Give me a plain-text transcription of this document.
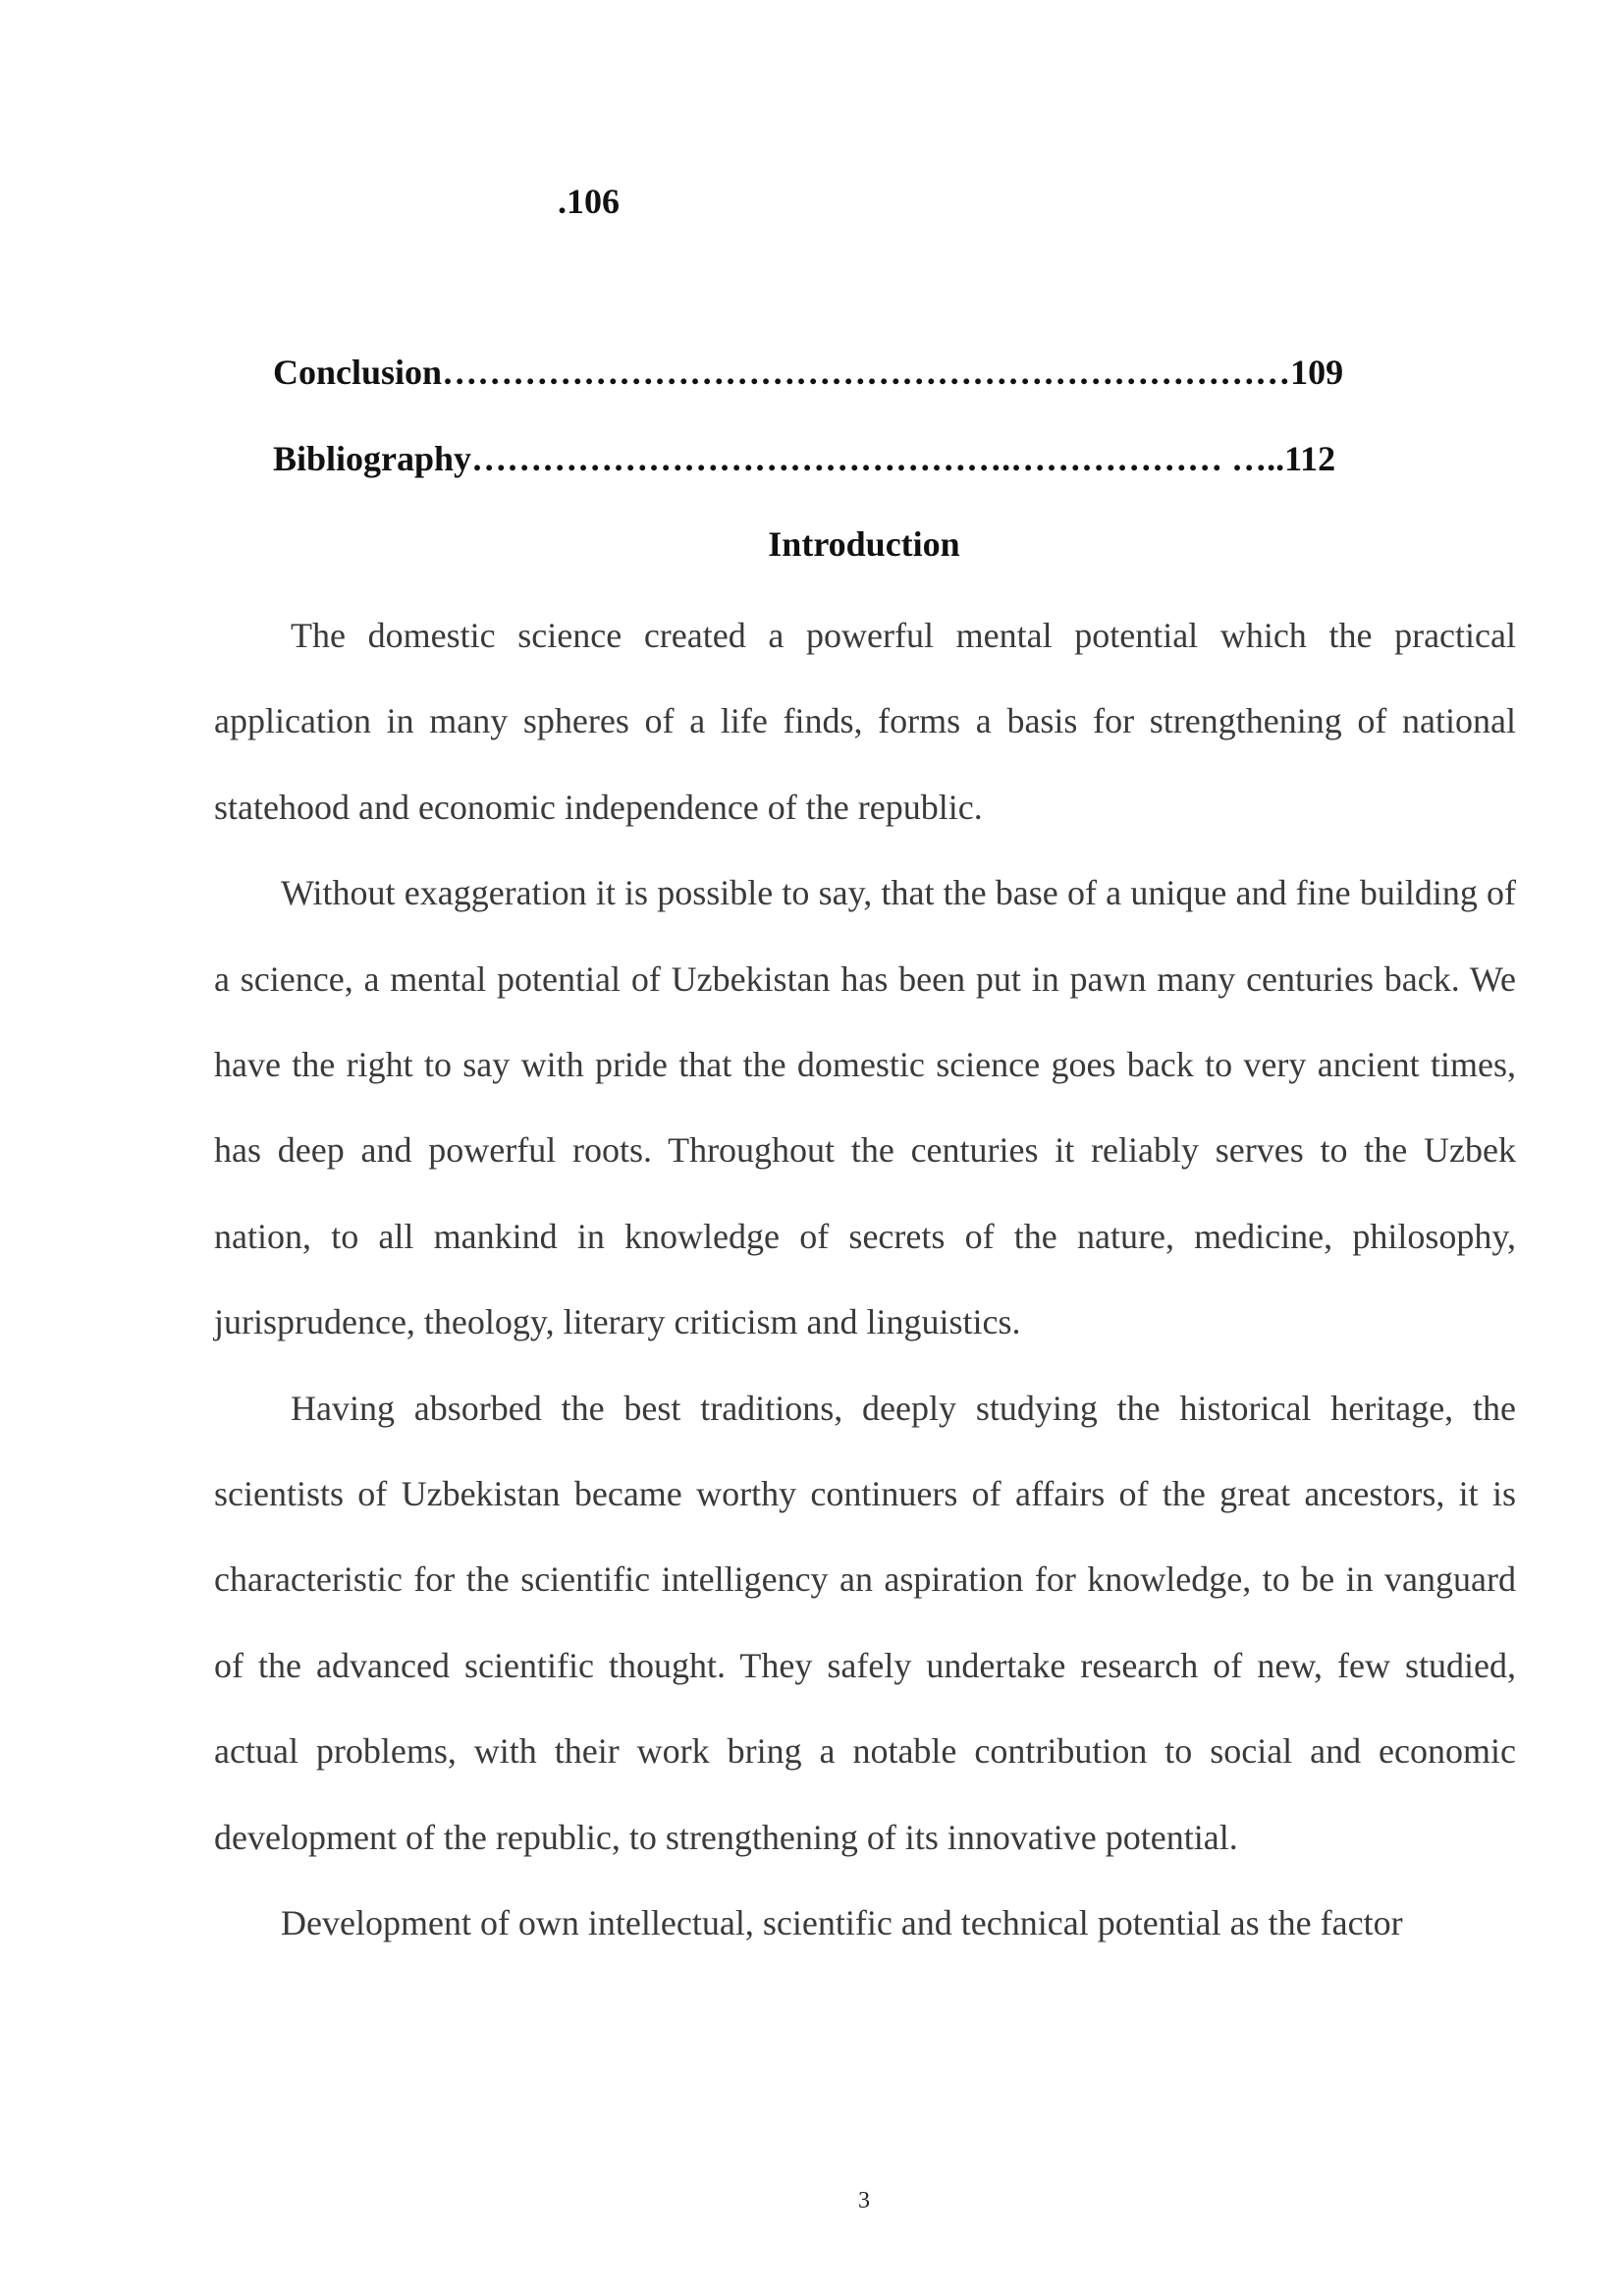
.106
Conclusion………………………………………………………………109
Bibliography……………………………………….……………… …..112
Introduction

The domestic science created a powerful mental potential which the practical application in many spheres of a life finds, forms a basis for strengthening of national statehood and economic independence of the republic.

Without exaggeration it is possible to say, that the base of a unique and fine building of a science, a mental potential of Uzbekistan has been put in pawn many centuries back. We have the right to say with pride that the domestic science goes back to very ancient times, has deep and powerful roots. Throughout the centuries it reliably serves to the Uzbek nation, to all mankind in knowledge of secrets of the nature, medicine, philosophy, jurisprudence, theology, literary criticism and linguistics.

Having absorbed the best traditions, deeply studying the historical heritage, the scientists of Uzbekistan became worthy continuers of affairs of the great ancestors, it is characteristic for the scientific intelligency an aspiration for knowledge, to be in vanguard of the advanced scientific thought. They safely undertake research of new, few studied, actual problems, with their work bring a notable contribution to social and economic development of the republic, to strengthening of its innovative potential.

Development of own intellectual, scientific and technical potential as the factor

3
